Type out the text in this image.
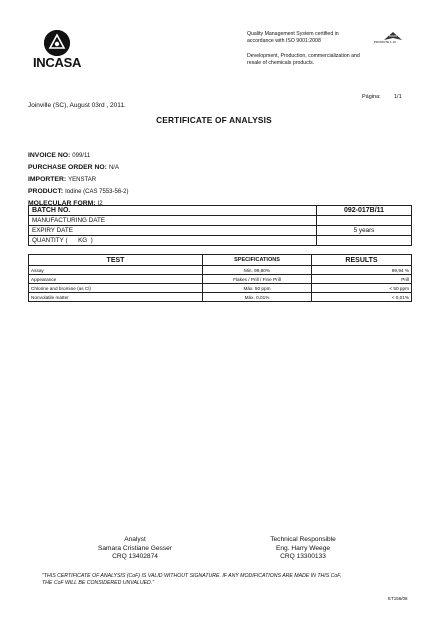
INCASA
Quality Management System certified in
accordance with ISO 9001:2008
Development, Production, commercialization and
resale of chemicals products.
PROMOTE 1 10
Página: 1/1
Joinville (SC), August 03rd , 2011.
CERTIFICATE OF ANALYSIS
INVOICE NO: 099/11
PURCHASE ORDER NO: N/A
IMPORTER: YENSTAR
PRODUCT: Iodine (CAS 7553-56-2)
MOLECULAR FORM: I2
BATCH NO.	092-017B/11
MANUFACTURING DATE	
EXPIRY DATE	5 years
QUANTITY (      KG  )	
TEST	SPECIFICATIONS	RESULTS
Assay	Min. 99,80%	99,94 %
Appearance	Flakes / Prill / Fine Prill	Prill
Chlorine and bromine (as Cl)	Máx. 50 ppm	< 50 ppm
Nonvolatile matter	Máx. 0,01%	< 0,01%
Analyst
Samara Cristiane Gesser
CRQ 13402874
Technical Responsible
Eng. Harry Weege
CRQ 13300133
"THIS CERTIFICATE OF ANALYSIS (CoF) IS VALID WITHOUT SIGNATURE. IF ANY MODIFICATIONS ARE MADE IN THIS CoF,
THE CoF WILL BE CONSIDERED UNVALUED."
ET156/08
